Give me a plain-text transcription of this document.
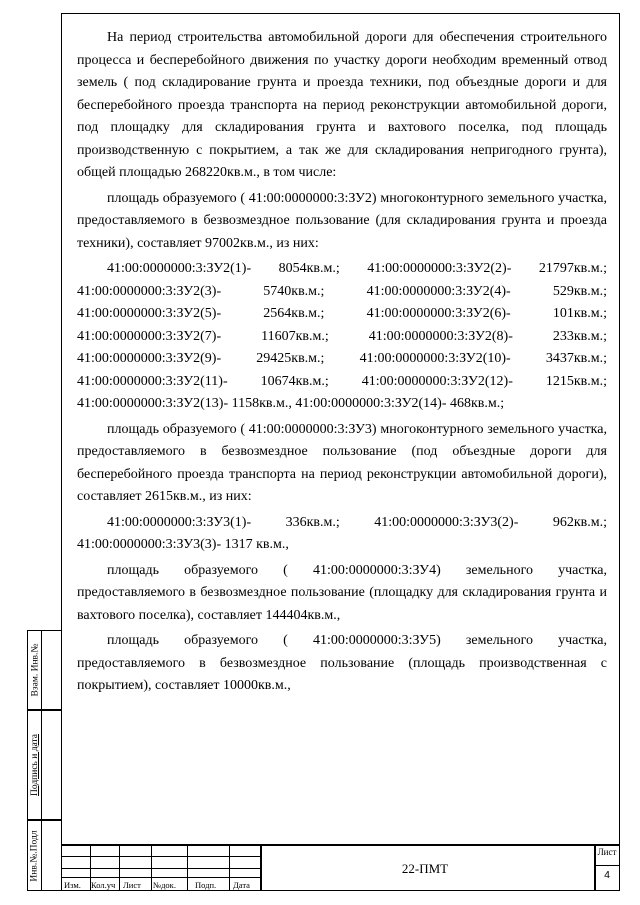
На период строительства автомобильной дороги для обеспечения строительного процесса и бесперебойного движения по участку дороги необходим временный отвод земель ( под складирование грунта и проезда техники, под объездные дороги и для бесперебойного проезда транспорта на период реконструкции автомобильной дороги, под площадку для складирования грунта и вахтового поселка, под площадь производственную с покрытием, а так же для складирования непригодного грунта), общей площадью 268220кв.м., в том числе:

площадь образуемого ( 41:00:0000000:3:ЗУ2) многоконтурного земельного участка, предоставляемого в безвозмездное пользование (для складирования грунта и проезда техники), составляет 97002кв.м., из них:

41:00:0000000:3:ЗУ2(1)- 8054кв.м.; 41:00:0000000:3:ЗУ2(2)- 21797кв.м.;
41:00:0000000:3:ЗУ2(3)- 5740кв.м.; 41:00:0000000:3:ЗУ2(4)- 529кв.м.;
41:00:0000000:3:ЗУ2(5)- 2564кв.м.; 41:00:0000000:3:ЗУ2(6)- 101кв.м.;
41:00:0000000:3:ЗУ2(7)- 11607кв.м.; 41:00:0000000:3:ЗУ2(8)- 233кв.м.;
41:00:0000000:3:ЗУ2(9)- 29425кв.м.; 41:00:0000000:3:ЗУ2(10)- 3437кв.м.;
41:00:0000000:3:ЗУ2(11)- 10674кв.м.; 41:00:0000000:3:ЗУ2(12)- 1215кв.м.;
41:00:0000000:3:ЗУ2(13)- 1158кв.м., 41:00:0000000:3:ЗУ2(14)- 468кв.м.;

площадь образуемого ( 41:00:0000000:3:ЗУ3) многоконтурного земельного участка, предоставляемого в безвозмездное пользование (под объездные дороги для бесперебойного проезда транспорта на период реконструкции автомобильной дороги), составляет 2615кв.м., из них:

41:00:0000000:3:ЗУ3(1)- 336кв.м.; 41:00:0000000:3:ЗУ3(2)- 962кв.м.;
41:00:0000000:3:ЗУ3(3)- 1317 кв.м.,

площадь образуемого ( 41:00:0000000:3:ЗУ4) земельного участка, предоставляемого в безвозмездное пользование (площадку для складирования грунта и вахтового поселка), составляет 144404кв.м.,

площадь образуемого ( 41:00:0000000:3:ЗУ5) земельного участка, предоставляемого в безвозмездное пользование (площадь производственная с покрытием), составляет 10000кв.м.,

Взам. Инв.№
Подпись и дата
Инв.№.Подл
Изм. Кол.уч Лист №док. Подп. Дата
22-ПМТ
Лист
4
